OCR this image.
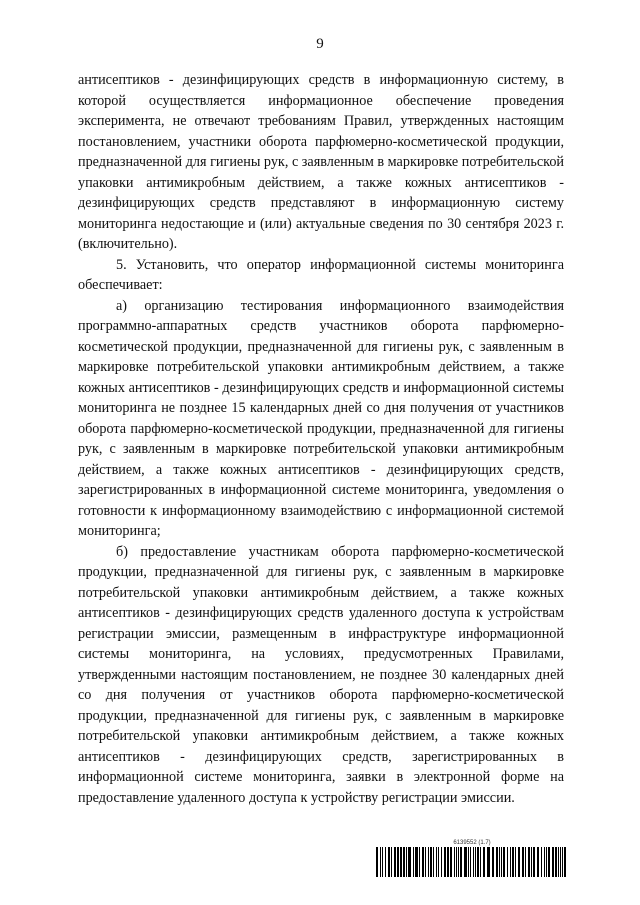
9

антисептиков - дезинфицирующих средств в информационную систему, в которой осуществляется информационное обеспечение проведения эксперимента, не отвечают требованиям Правил, утвержденных настоящим постановлением, участники оборота парфюмерно-косметической продукции, предназначенной для гигиены рук, с заявленным в маркировке потребительской упаковки антимикробным действием, а также кожных антисептиков - дезинфицирующих средств представляют в информационную систему мониторинга недостающие и (или) актуальные сведения по 30 сентября 2023 г. (включительно).

5. Установить, что оператор информационной системы мониторинга обеспечивает:

а) организацию тестирования информационного взаимодействия программно-аппаратных средств участников оборота парфюмерно-косметической продукции, предназначенной для гигиены рук, с заявленным в маркировке потребительской упаковки антимикробным действием, а также кожных антисептиков - дезинфицирующих средств и информационной системы мониторинга не позднее 15 календарных дней со дня получения от участников оборота парфюмерно-косметической продукции, предназначенной для гигиены рук, с заявленным в маркировке потребительской упаковки антимикробным действием, а также кожных антисептиков - дезинфицирующих средств, зарегистрированных в информационной системе мониторинга, уведомления о готовности к информационному взаимодействию с информационной системой мониторинга;

б) предоставление участникам оборота парфюмерно-косметической продукции, предназначенной для гигиены рук, с заявленным в маркировке потребительской упаковки антимикробным действием, а также кожных антисептиков - дезинфицирующих средств удаленного доступа к устройствам регистрации эмиссии, размещенным в инфраструктуре информационной системы мониторинга, на условиях, предусмотренных Правилами, утвержденными настоящим постановлением, не позднее 30 календарных дней со дня получения от участников оборота парфюмерно-косметической продукции, предназначенной для гигиены рук, с заявленным в маркировке потребительской упаковки антимикробным действием, а также кожных антисептиков - дезинфицирующих средств, зарегистрированных в информационной системе мониторинга, заявки в электронной форме на предоставление удаленного доступа к устройству регистрации эмиссии.

6139552 (1.7)
